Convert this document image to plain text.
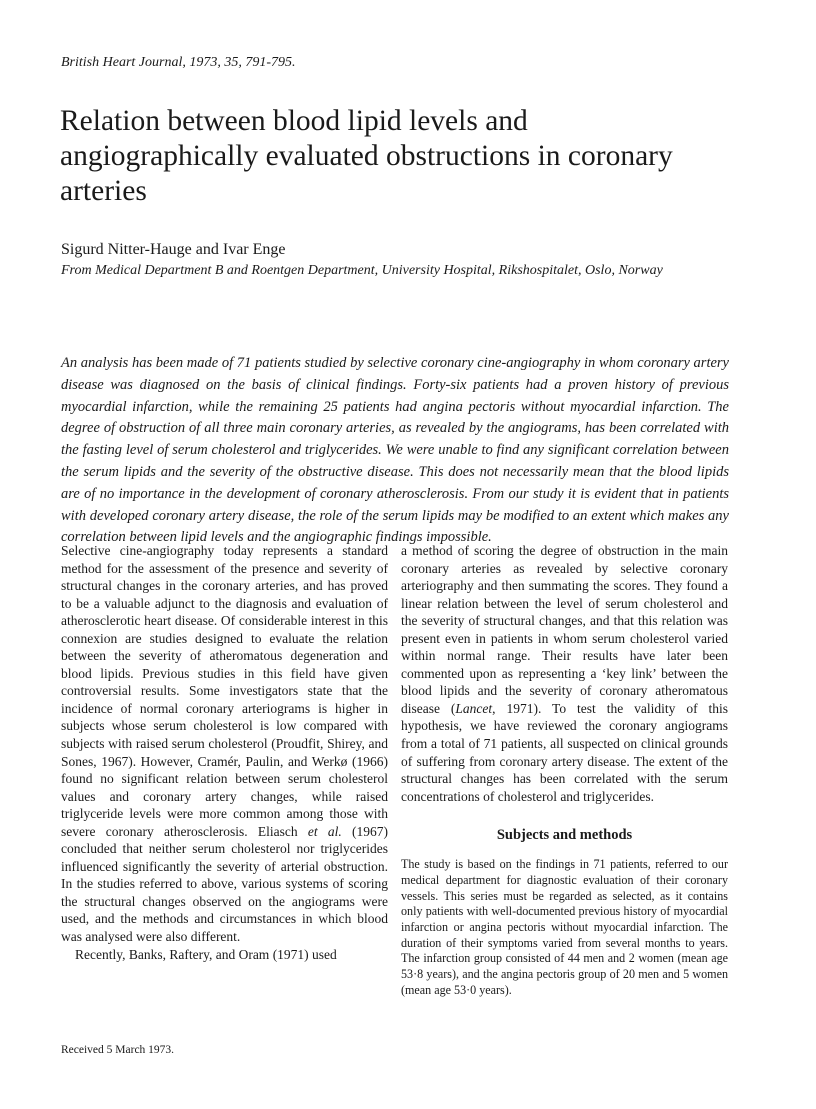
British Heart Journal, 1973, 35, 791-795.
Relation between blood lipid levels and angiographically evaluated obstructions in coronary arteries
Sigurd Nitter-Hauge and Ivar Enge
From Medical Department B and Roentgen Department, University Hospital, Rikshospitalet, Oslo, Norway

An analysis has been made of 71 patients studied by selective coronary cine-angiography in whom coronary artery disease was diagnosed on the basis of clinical findings. Forty-six patients had a proven history of previous myocardial infarction, while the remaining 25 patients had angina pectoris without myocardial infarction. The degree of obstruction of all three main coronary arteries, as revealed by the angiograms, has been correlated with the fasting level of serum cholesterol and triglycerides. We were unable to find any significant correlation between the serum lipids and the severity of the obstructive disease. This does not necessarily mean that the blood lipids are of no importance in the development of coronary atherosclerosis. From our study it is evident that in patients with developed coronary artery disease, the role of the serum lipids may be modified to an extent which makes any correlation between lipid levels and the angiographic findings impossible.

Selective cine-angiography today represents a standard method for the assessment of the presence and severity of structural changes in the coronary arteries, and has proved to be a valuable adjunct to the diagnosis and evaluation of atherosclerotic heart disease. Of considerable interest in this connexion are studies designed to evaluate the relation between the severity of atheromatous degeneration and blood lipids. Previous studies in this field have given controversial results. Some investigators state that the incidence of normal coronary arteriograms is higher in subjects whose serum cholesterol is low compared with subjects with raised serum cholesterol (Proudfit, Shirey, and Sones, 1967). However, Cramér, Paulin, and Werkø (1966) found no significant relation between serum cholesterol values and coronary artery changes, while raised triglyceride levels were more common among those with severe coronary atherosclerosis. Eliasch et al. (1967) concluded that neither serum cholesterol nor triglycerides influenced significantly the severity of arterial obstruction. In the studies referred to above, various systems of scoring the structural changes observed on the angiograms were used, and the methods and circumstances in which blood was analysed were also different.

Recently, Banks, Raftery, and Oram (1971) used

Received 5 March 1973.

a method of scoring the degree of obstruction in the main coronary arteries as revealed by selective coronary arteriography and then summating the scores. They found a linear relation between the level of serum cholesterol and the severity of structural changes, and that this relation was present even in patients in whom serum cholesterol varied within normal range. Their results have later been commented upon as representing a ‘key link’ between the blood lipids and the severity of coronary atheromatous disease (Lancet, 1971). To test the validity of this hypothesis, we have reviewed the coronary angiograms from a total of 71 patients, all suspected on clinical grounds of suffering from coronary artery disease. The extent of the structural changes has been correlated with the serum concentrations of cholesterol and triglycerides.

Subjects and methods

The study is based on the findings in 71 patients, referred to our medical department for diagnostic evaluation of their coronary vessels. This series must be regarded as selected, as it contains only patients with well-documented previous history of myocardial infarction or angina pectoris without myocardial infarction. The duration of their symptoms varied from several months to years. The infarction group consisted of 44 men and 2 women (mean age 53·8 years), and the angina pectoris group of 20 men and 5 women (mean age 53·0 years).
